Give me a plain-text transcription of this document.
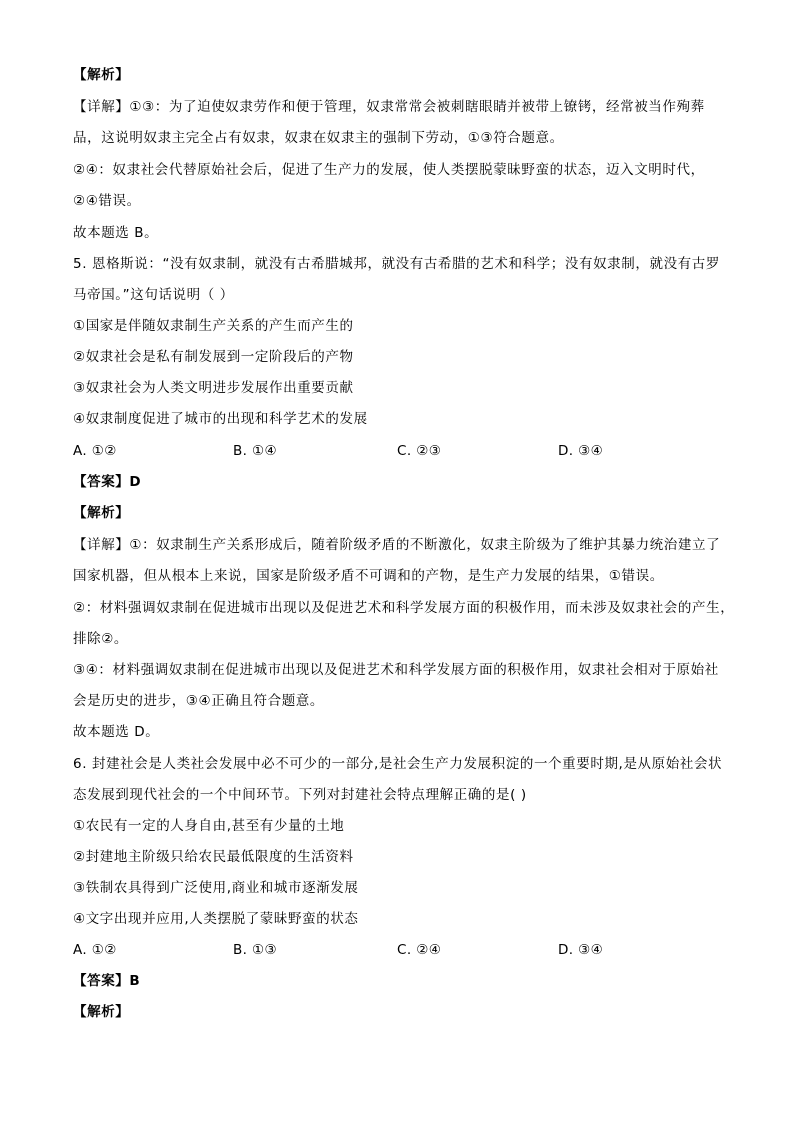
【解析】
【详解】①③：为了迫使奴隶劳作和便于管理，奴隶常常会被刺瞎眼睛并被带上镣铐，经常被当作殉葬
品，这说明奴隶主完全占有奴隶，奴隶在奴隶主的强制下劳动，①③符合题意。
②④：奴隶社会代替原始社会后，促进了生产力的发展，使人类摆脱蒙昧野蛮的状态，迈入文明时代，
②④错误。
故本题选 B。
5. 恩格斯说：“没有奴隶制，就没有古希腊城邦，就没有古希腊的艺术和科学；没有奴隶制，就没有古罗
马帝国。”这句话说明（ ）
①国家是伴随奴隶制生产关系的产生而产生的
②奴隶社会是私有制发展到一定阶段后的产物
③奴隶社会为人类文明进步发展作出重要贡献
④奴隶制度促进了城市的出现和科学艺术的发展
A. ①②	B. ①④	C. ②③	D. ③④
【答案】D
【解析】
【详解】①：奴隶制生产关系形成后，随着阶级矛盾的不断激化，奴隶主阶级为了维护其暴力统治建立了
国家机器，但从根本上来说，国家是阶级矛盾不可调和的产物，是生产力发展的结果，①错误。
②：材料强调奴隶制在促进城市出现以及促进艺术和科学发展方面的积极作用，而未涉及奴隶社会的产生，
排除②。
③④：材料强调奴隶制在促进城市出现以及促进艺术和科学发展方面的积极作用，奴隶社会相对于原始社
会是历史的进步，③④正确且符合题意。
故本题选 D。
6. 封建社会是人类社会发展中必不可少的一部分,是社会生产力发展积淀的一个重要时期,是从原始社会状
态发展到现代社会的一个中间环节。下列对封建社会特点理解正确的是( )
①农民有一定的人身自由,甚至有少量的土地
②封建地主阶级只给农民最低限度的生活资料
③铁制农具得到广泛使用,商业和城市逐渐发展
④文字出现并应用,人类摆脱了蒙昧野蛮的状态
A. ①②	B. ①③	C. ②④	D. ③④
【答案】B
【解析】
